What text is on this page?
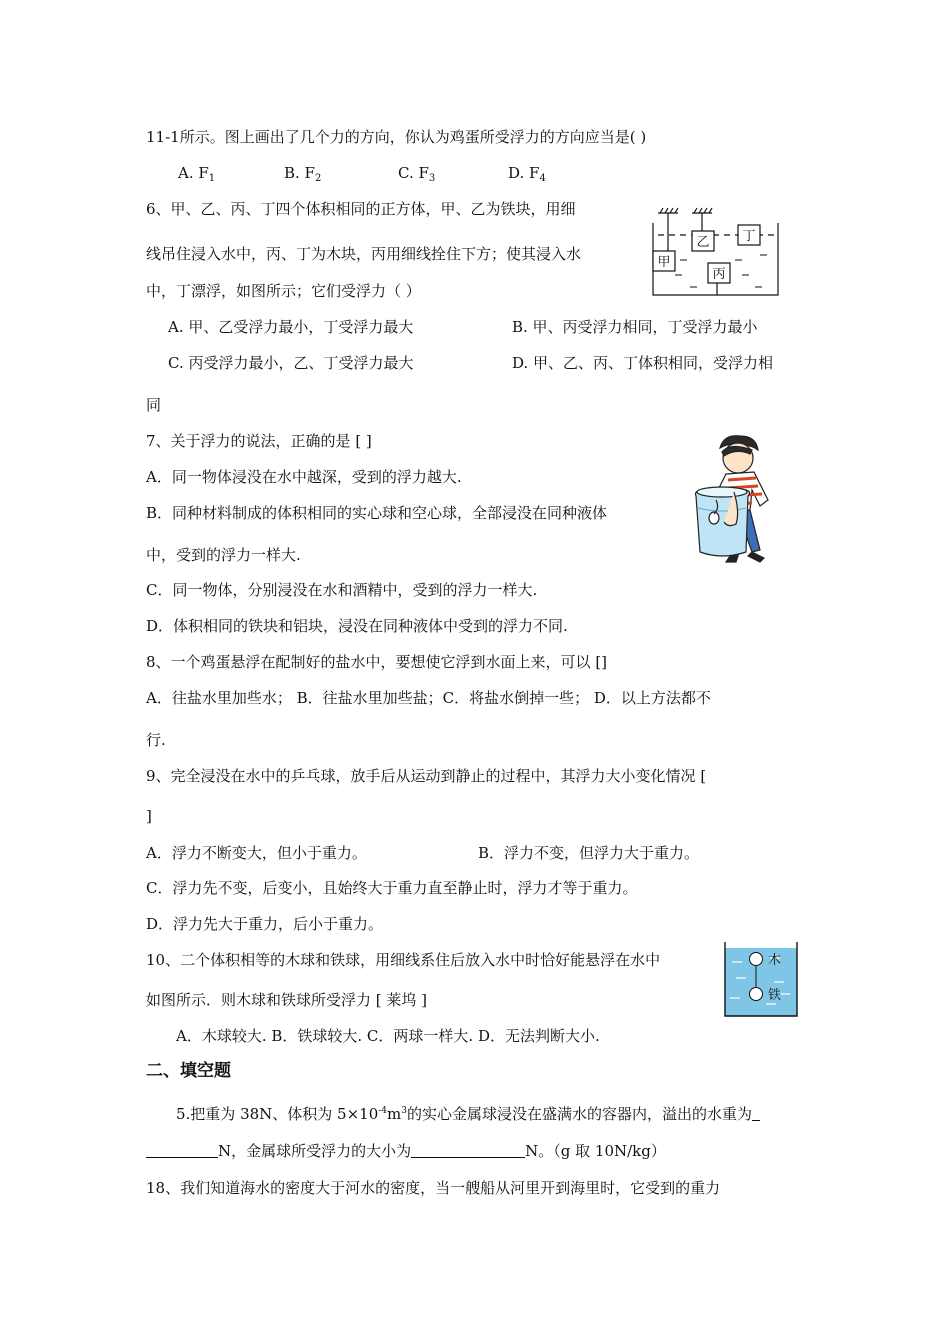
11-1所示。图上画出了几个力的方向，你认为鸡蛋所受浮力的方向应当是( )
A. $F_1$	B. $F_2$	C. $F_3$	D. $F_4$
6、甲、乙、丙、丁四个体积相同的正方体，甲、乙为铁块，用细
线吊住浸入水中，丙、丁为木块，丙用细线拴住下方；使其浸入水
中，丁漂浮，如图所示；它们受浮力（ ）
甲
乙
丙
丁
A. 甲、乙受浮力最小，丁受浮力最大	B. 甲、丙受浮力相同，丁受浮力最小
C. 丙受浮力最小，乙、丁受浮力最大	D. 甲、乙、丙、丁体积相同，受浮力相
同
7、关于浮力的说法，正确的是 [ ]
A．同一物体浸没在水中越深，受到的浮力越大.
B．同种材料制成的体积相同的实心球和空心球，全部浸没在同种液体
中，受到的浮力一样大.
C．同一物体，分别浸没在水和酒精中，受到的浮力一样大.
D．体积相同的铁块和铝块，浸没在同种液体中受到的浮力不同.
8、一个鸡蛋悬浮在配制好的盐水中，要想使它浮到水面上来，可以 []
A．往盐水里加些水； B．往盐水里加些盐；C．将盐水倒掉一些； D．以上方法都不
行.
9、完全浸没在水中的乒乓球，放手后从运动到静止的过程中，其浮力大小变化情况 [
]
A．浮力不断变大，但小于重力。	B．浮力不变，但浮力大于重力。
C．浮力先不变，后变小，且始终大于重力直至静止时，浮力才等于重力。
D．浮力先大于重力，后小于重力。
10、二个体积相等的木球和铁球，用细线系住后放入水中时恰好能悬浮在水中
如图所示．则木球和铁球所受浮力 [ 莱坞 ]
木
铁
A．木球较大. B．铁球较大. C．两球一样大. D．无法判断大小.
二、填空题
5.把重为 38N、体积为 $5\times 10^{-4}m^3$的实心金属球浸没在盛满水的容器内，溢出的水重为
N，金属球所受浮力的大小为	N。（g 取 10N/kg）
18、我们知道海水的密度大于河水的密度，当一艘船从河里开到海里时，它受到的重力
